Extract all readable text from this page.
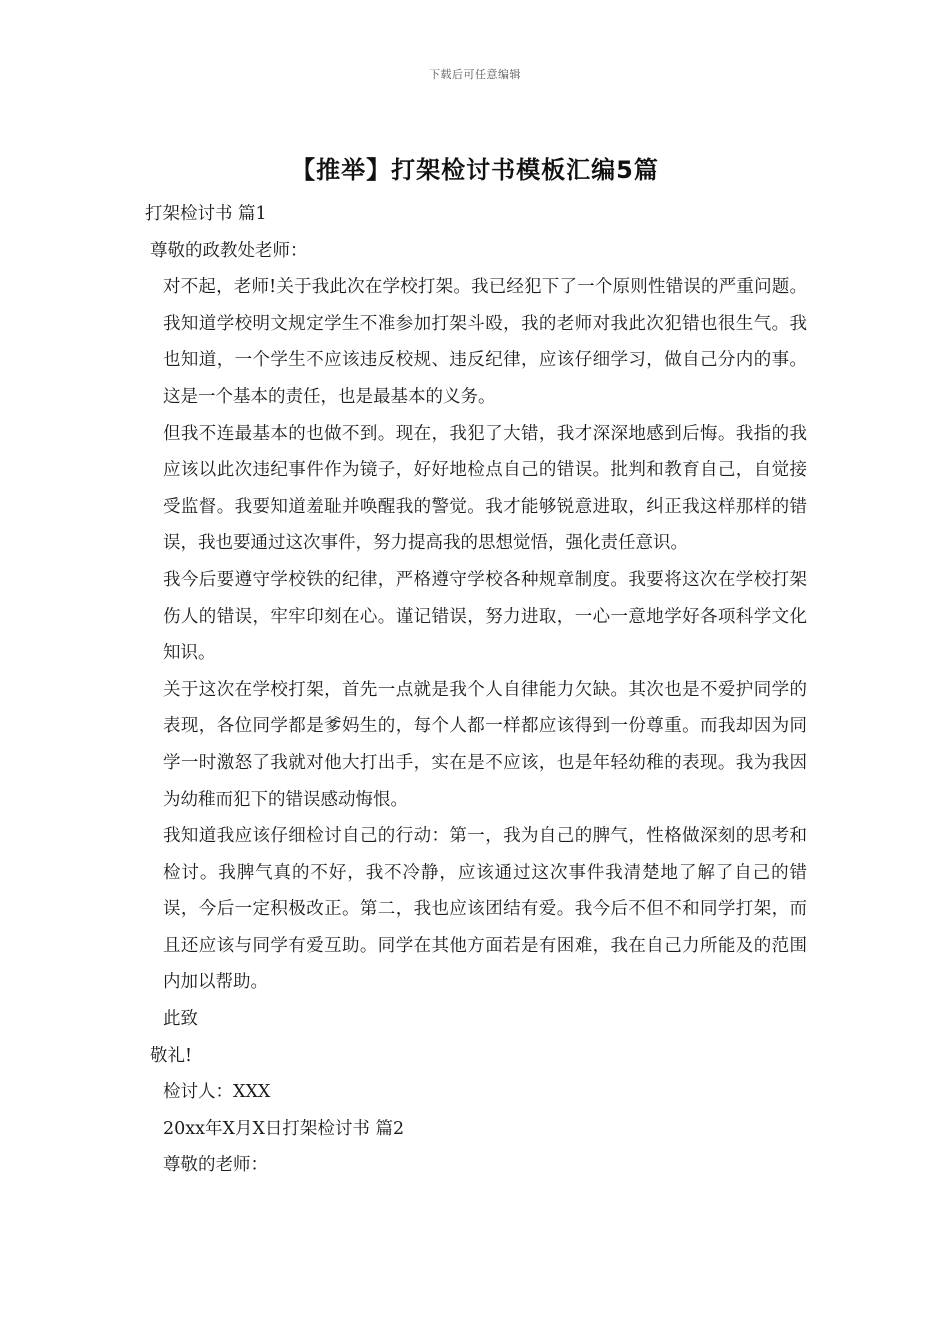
下载后可任意编辑
【推举】打架检讨书模板汇编5篇

打架检讨书 篇1

尊敬的政教处老师：

对不起，老师!关于我此次在学校打架。我已经犯下了一个原则性错误的严重问题。我知道学校明文规定学生不准参加打架斗殴，我的老师对我此次犯错也很生气。我也知道，一个学生不应该违反校规、违反纪律，应该仔细学习，做自己分内的事。这是一个基本的责任，也是最基本的义务。

但我不连最基本的也做不到。现在，我犯了大错，我才深深地感到后悔。我指的我应该以此次违纪事件作为镜子，好好地检点自己的错误。批判和教育自己，自觉接受监督。我要知道羞耻并唤醒我的警觉。我才能够锐意进取，纠正我这样那样的错误，我也要通过这次事件，努力提高我的思想觉悟，强化责任意识。

我今后要遵守学校铁的纪律，严格遵守学校各种规章制度。我要将这次在学校打架伤人的错误，牢牢印刻在心。谨记错误，努力进取，一心一意地学好各项科学文化知识。

关于这次在学校打架，首先一点就是我个人自律能力欠缺。其次也是不爱护同学的表现，各位同学都是爹妈生的，每个人都一样都应该得到一份尊重。而我却因为同学一时激怒了我就对他大打出手，实在是不应该，也是年轻幼稚的表现。我为我因为幼稚而犯下的错误感动悔恨。

我知道我应该仔细检讨自己的行动：第一，我为自己的脾气，性格做深刻的思考和检讨。我脾气真的不好，我不冷静，应该通过这次事件我清楚地了解了自己的错误，今后一定积极改正。第二，我也应该团结有爱。我今后不但不和同学打架，而且还应该与同学有爱互助。同学在其他方面若是有困难，我在自己力所能及的范围内加以帮助。

此致

敬礼!

检讨人：XXX

20xx年X月X日打架检讨书 篇2

尊敬的老师：
